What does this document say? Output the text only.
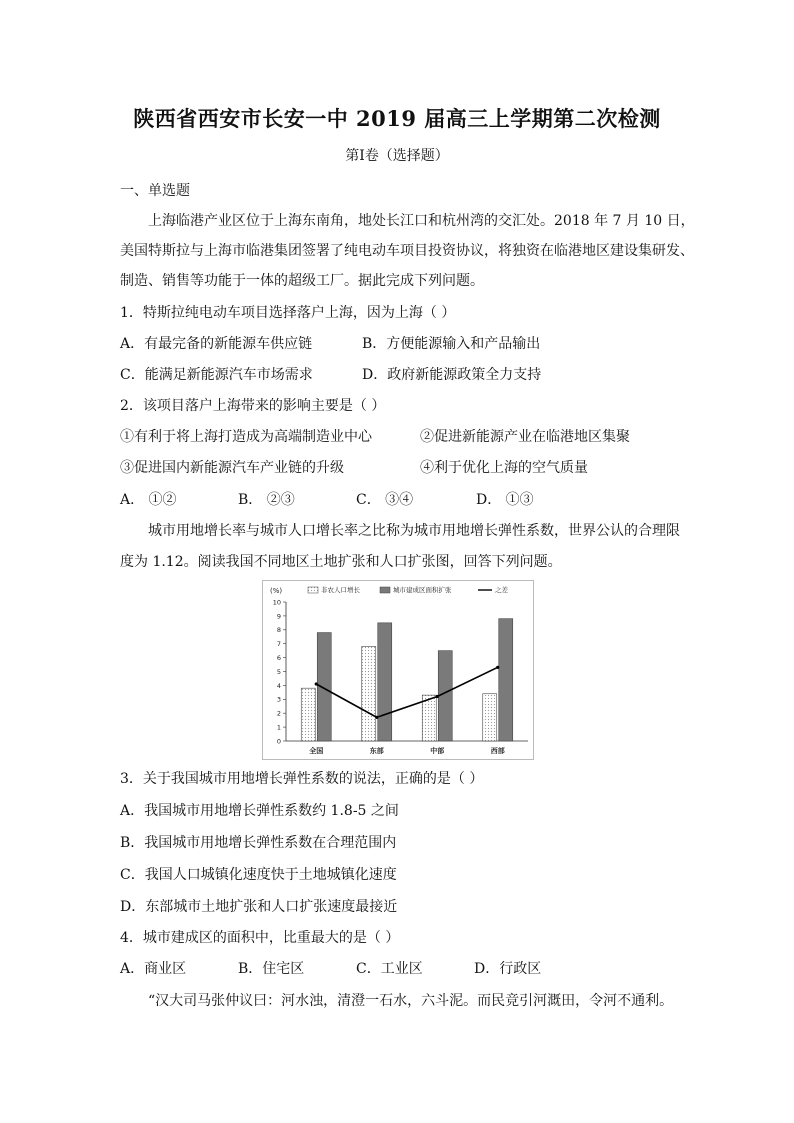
陕西省西安市长安一中 2019 届高三上学期第二次检测
第Ⅰ卷（选择题）
一、单选题
上海临港产业区位于上海东南角，地处长江口和杭州湾的交汇处。2018 年 7 月 10 日，
美国特斯拉与上海市临港集团签署了纯电动车项目投资协议，将独资在临港地区建设集研发、
制造、销售等功能于一体的超级工厂。据此完成下列问题。
1．特斯拉纯电动车项目选择落户上海，因为上海（ ）
A．有最完备的新能源车供应链	B．方便能源输入和产品输出
C．能满足新能源汽车市场需求	D．政府新能源政策全力支持
2．该项目落户上海带来的影响主要是（ ）
①有利于将上海打造成为高端制造业中心	②促进新能源产业在临港地区集聚
③促进国内新能源汽车产业链的升级	④利于优化上海的空气质量
A． ①②	B． ②③	C． ③④	D． ①③
城市用地增长率与城市人口增长率之比称为城市用地增长弹性系数，世界公认的合理限
度为 1.12。阅读我国不同地区土地扩张和人口扩张图，回答下列问题。
(%)
0
1
2
3
4
5
6
7
8
9
10
全国	东部	中部	西部
非农人口增长	城市建成区面积扩张	之差
3．关于我国城市用地增长弹性系数的说法，正确的是（ ）
A．我国城市用地增长弹性系数约 1.8-5 之间
B．我国城市用地增长弹性系数在合理范围内
C．我国人口城镇化速度快于土地城镇化速度
D．东部城市土地扩张和人口扩张速度最接近
4．城市建成区的面积中，比重最大的是（ ）
A．商业区	B．住宅区	C．工业区	D．行政区
“汉大司马张仲议曰：河水浊，清澄一石水，六斗泥。而民竞引河溉田，令河不通利。
